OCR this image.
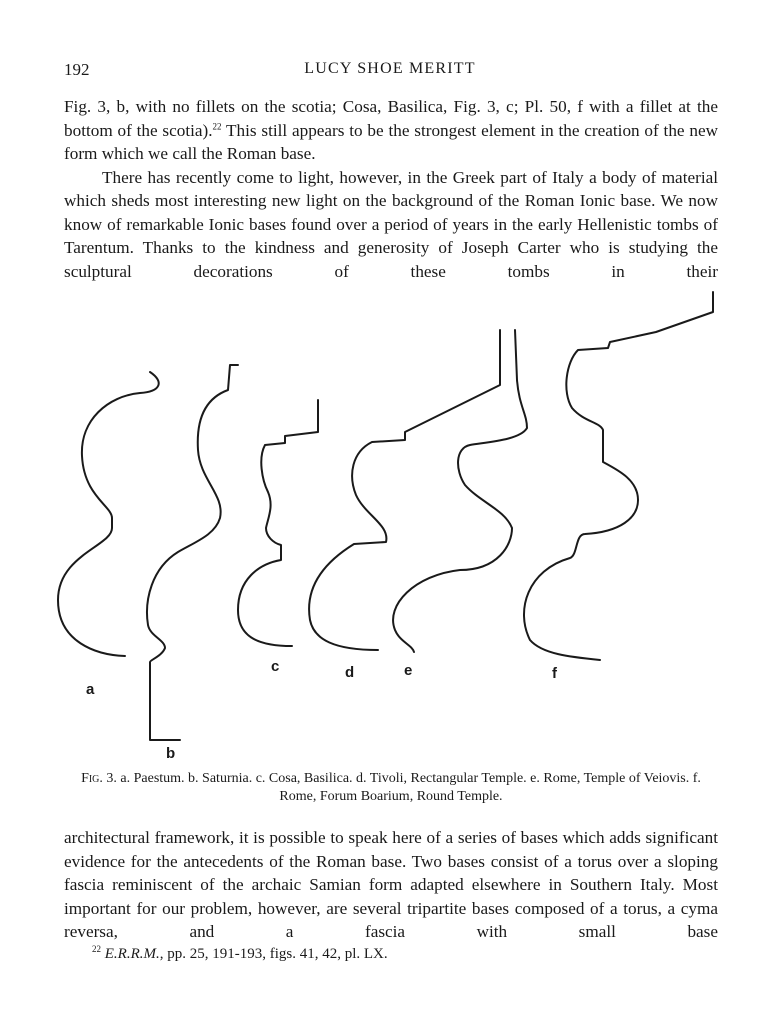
192	LUCY SHOE MERITT

Fig. 3, b, with no fillets on the scotia; Cosa, Basilica, Fig. 3, c; Pl. 50, f with a fillet at the bottom of the scotia).$^{22}$ This still appears to be the strongest element in the creation of the new form which we call the Roman base.

There has recently come to light, however, in the Greek part of Italy a body of material which sheds most interesting new light on the background of the Roman Ionic base. We now know of remarkable Ionic bases found over a period of years in the early Hellenistic tombs of Tarentum. Thanks to the kindness and generosity of Joseph Carter who is studying the sculptural decorations of these tombs in their

a
b
c	d	e	f
Fig. 3. a. Paestum. b. Saturnia. c. Cosa, Basilica. d. Tivoli, Rectangular Temple. e. Rome, Temple of Veiovis. f. Rome, Forum Boarium, Round Temple.

architectural framework, it is possible to speak here of a series of bases which adds significant evidence for the antecedents of the Roman base. Two bases consist of a torus over a sloping fascia reminiscent of the archaic Samian form adapted elsewhere in Southern Italy. Most important for our problem, however, are several tripartite bases composed of a torus, a cyma reversa, and a fascia with small base

$^{22}$ E.R.R.M., pp. 25, 191-193, figs. 41, 42, pl. LX.
